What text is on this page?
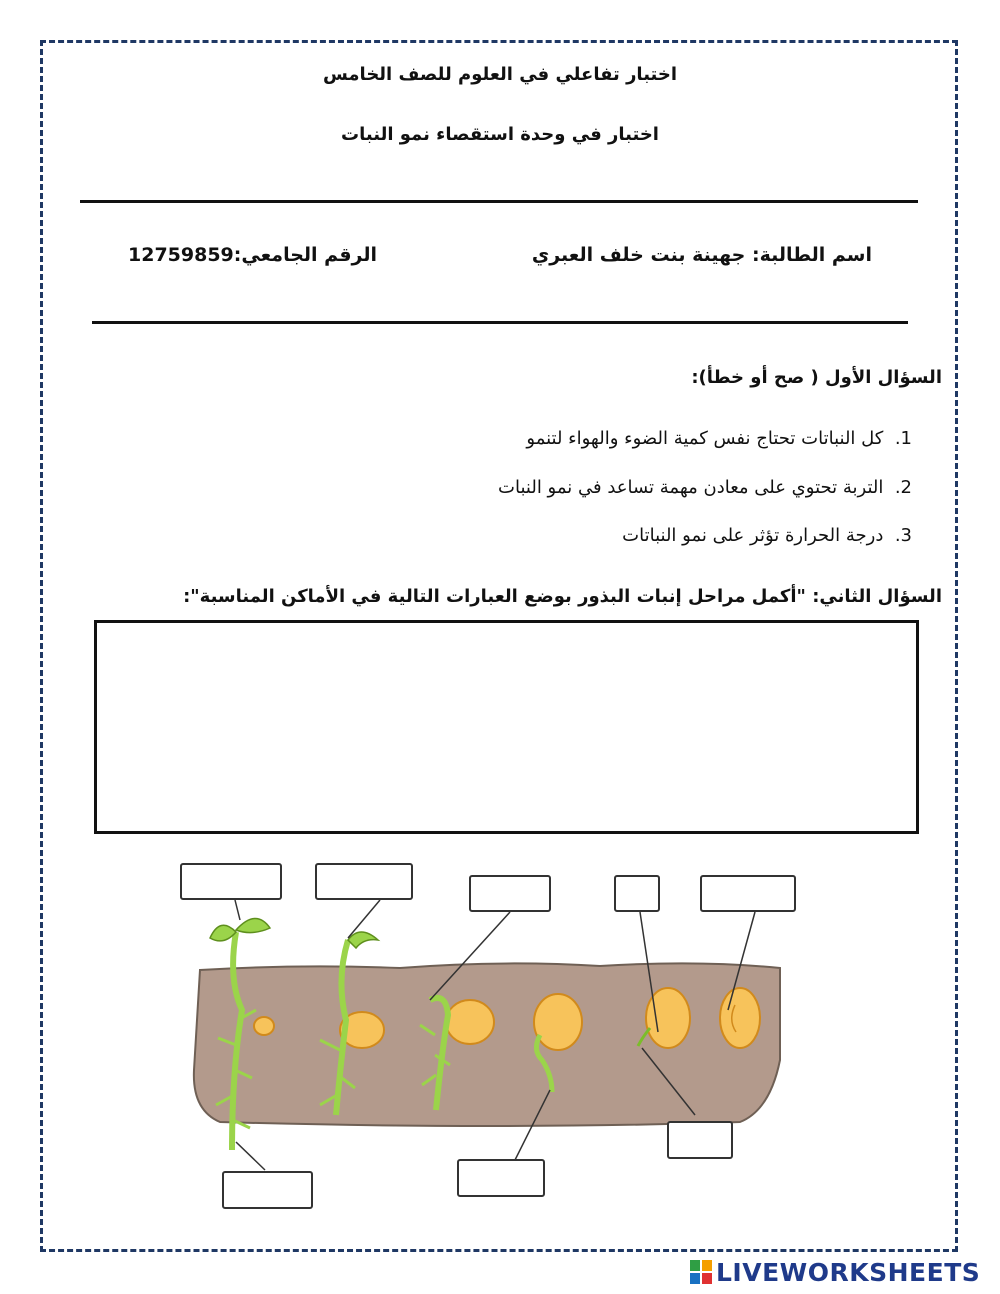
اختبار تفاعلي في العلوم للصف الخامس
اختبار في وحدة استقصاء نمو النبات
اسم الطالبة: جهينة بنت خلف العبري
الرقم الجامعي:12759859
السؤال الأول ( صح أو خطأ):
1.  كل النباتات تحتاج نفس كمية الضوء والهواء لتنمو
2.  التربة تحتوي على معادن مهمة تساعد في نمو النبات
3.  درجة الحرارة تؤثر على نمو النباتات
السؤال الثاني: "أكمل مراحل إنبات البذور بوضع العبارات التالية في الأماكن المناسبة":
LIVEWORKSHEETS
